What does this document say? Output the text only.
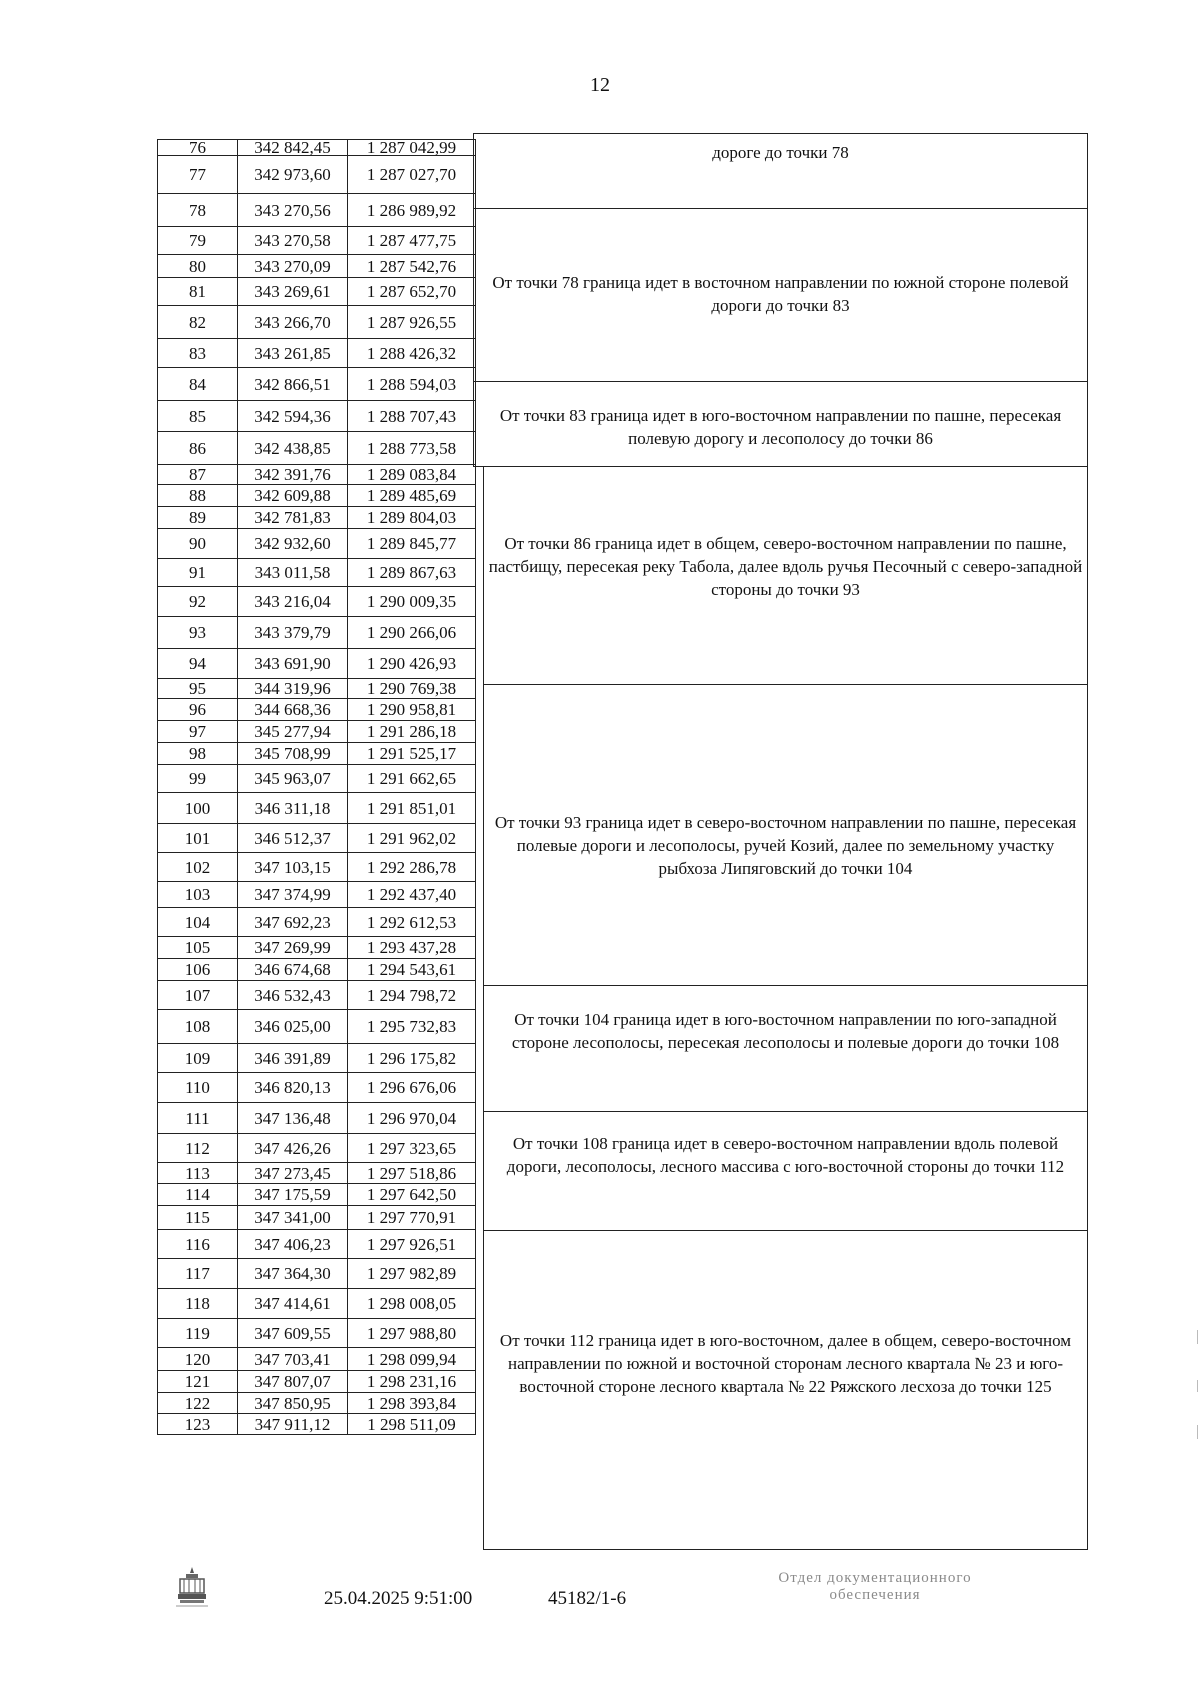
12
76	342 842,45	1 287 042,99
77	342 973,60	1 287 027,70
78	343 270,56	1 286 989,92
79	343 270,58	1 287 477,75
80	343 270,09	1 287 542,76
81	343 269,61	1 287 652,70
82	343 266,70	1 287 926,55
83	343 261,85	1 288 426,32
84	342 866,51	1 288 594,03
85	342 594,36	1 288 707,43
86	342 438,85	1 288 773,58
87	342 391,76	1 289 083,84
88	342 609,88	1 289 485,69
89	342 781,83	1 289 804,03
90	342 932,60	1 289 845,77
91	343 011,58	1 289 867,63
92	343 216,04	1 290 009,35
93	343 379,79	1 290 266,06
94	343 691,90	1 290 426,93
95	344 319,96	1 290 769,38
96	344 668,36	1 290 958,81
97	345 277,94	1 291 286,18
98	345 708,99	1 291 525,17
99	345 963,07	1 291 662,65
100	346 311,18	1 291 851,01
101	346 512,37	1 291 962,02
102	347 103,15	1 292 286,78
103	347 374,99	1 292 437,40
104	347 692,23	1 292 612,53
105	347 269,99	1 293 437,28
106	346 674,68	1 294 543,61
107	346 532,43	1 294 798,72
108	346 025,00	1 295 732,83
109	346 391,89	1 296 175,82
110	346 820,13	1 296 676,06
111	347 136,48	1 296 970,04
112	347 426,26	1 297 323,65
113	347 273,45	1 297 518,86
114	347 175,59	1 297 642,50
115	347 341,00	1 297 770,91
116	347 406,23	1 297 926,51
117	347 364,30	1 297 982,89
118	347 414,61	1 298 008,05
119	347 609,55	1 297 988,80
120	347 703,41	1 298 099,94
121	347 807,07	1 298 231,16
122	347 850,95	1 298 393,84
123	347 911,12	1 298 511,09
дороге до точки 78
От точки 78 граница идет в восточном направлении по южной стороне полевой дороги до точки 83
От точки 83 граница идет в юго-восточном направлении по пашне, пересекая полевую дорогу и лесополосу до точки 86
От точки 86 граница идет в общем, северо-восточном направлении по пашне, пастбищу, пересекая реку Табола, далее вдоль ручья Песочный с северо-западной стороны до точки 93
От точки 93 граница идет в северо-восточном направлении по пашне, пересекая полевые дороги и лесополосы, ручей Козий, далее по земельному участку рыбхоза Липяговский до точки 104
От точки 104 граница идет в юго-восточном направлении по юго-западной стороне лесополосы, пересекая лесополосы и полевые дороги до точки 108
От точки 108 граница идет в северо-восточном направлении вдоль полевой дороги, лесополосы, лесного массива с юго-восточной стороны до точки 112
От точки 112 граница идет в юго-восточном, далее в общем, северо-восточном направлении по южной и восточной сторонам лесного квартала № 23 и юго-восточной стороне лесного квартала № 22 Ряжского лесхоза до точки 125
25.04.2025 9:51:00	45182/1-6
Отдел документационного
обеспечения
